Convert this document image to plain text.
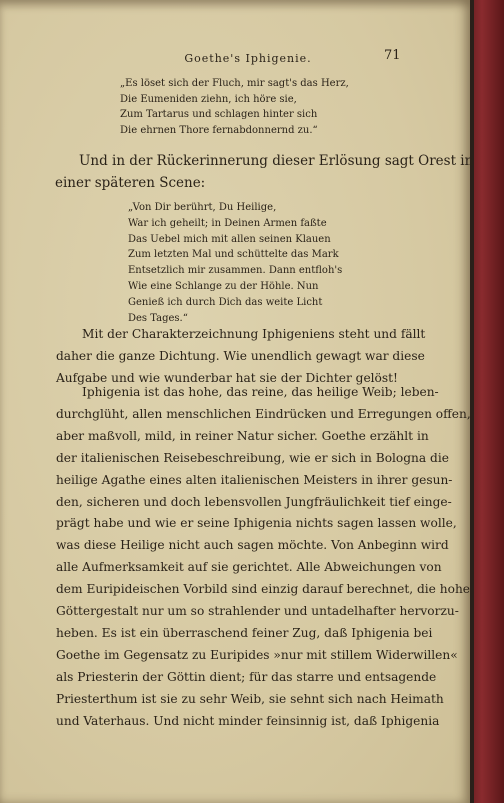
Goethe's Iphigenie.	71
„Es löset sich der Fluch, mir sagt's das Herz,
Die Eumeniden ziehn, ich höre sie,
Zum Tartarus und schlagen hinter sich
Die ehrnen Thore fernabdonnernd zu.“
Und in der Rückerinnerung dieser Erlösung sagt Orest in
einer späteren Scene:
„Von Dir berührt, Du Heilige,
War ich geheilt; in Deinen Armen faßte
Das Uebel mich mit allen seinen Klauen
Zum letzten Mal und schüttelte das Mark
Entsetzlich mir zusammen. Dann entfloh's
Wie eine Schlange zu der Höhle. Nun
Genieß ich durch Dich das weite Licht
Des Tages.“
Mit der Charakterzeichnung Iphigeniens steht und fällt
daher die ganze Dichtung. Wie unendlich gewagt war diese
Aufgabe und wie wunderbar hat sie der Dichter gelöst!
Iphigenia ist das hohe, das reine, das heilige Weib; leben-
durchglüht, allen menschlichen Eindrücken und Erregungen offen,
aber maßvoll, mild, in reiner Natur sicher. Goethe erzählt in
der italienischen Reisebeschreibung, wie er sich in Bologna die
heilige Agathe eines alten italienischen Meisters in ihrer gesun-
den, sicheren und doch lebensvollen Jungfräulichkeit tief einge-
prägt habe und wie er seine Iphigenia nichts sagen lassen wolle,
was diese Heilige nicht auch sagen möchte. Von Anbeginn wird
alle Aufmerksamkeit auf sie gerichtet. Alle Abweichungen von
dem Euripideischen Vorbild sind einzig darauf berechnet, die hohe
Göttergestalt nur um so strahlender und untadelhafter hervorzu-
heben. Es ist ein überraschend feiner Zug, daß Iphigenia bei
Goethe im Gegensatz zu Euripides »nur mit stillem Widerwillen«
als Priesterin der Göttin dient; für das starre und entsagende
Priesterthum ist sie zu sehr Weib, sie sehnt sich nach Heimath
und Vaterhaus. Und nicht minder feinsinnig ist, daß Iphigenia
